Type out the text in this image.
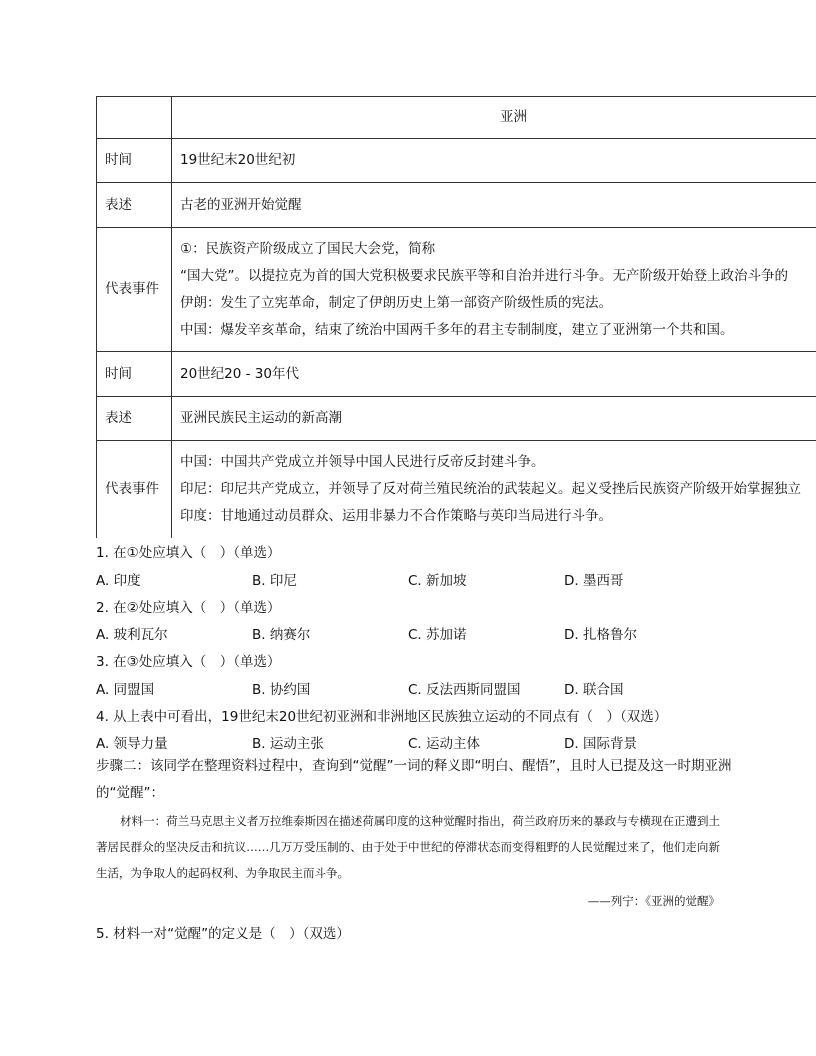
	亚洲
时间	19世纪末20世纪初
表述	古老的亚洲开始觉醒
代表事件	①：民族资产阶级成立了国民大会党，简称
“国大党”。以提拉克为首的国大党积极要求民族平等和自治并进行斗争。无产阶级开始登上政治斗争的
伊朗：发生了立宪革命，制定了伊朗历史上第一部资产阶级性质的宪法。
中国：爆发辛亥革命，结束了统治中国两千多年的君主专制制度，建立了亚洲第一个共和国。

时间	20世纪20 - 30年代
表述	亚洲民族民主运动的新高潮
代表事件	中国：中国共产党成立并领导中国人民进行反帝反封建斗争。
印尼：印尼共产党成立，并领导了反对荷兰殖民统治的武装起义。起义受挫后民族资产阶级开始掌握独立
印度：甘地通过动员群众、运用非暴力不合作策略与英印当局进行斗争。
1. 在①处应填入（　）（单选）
A. 印度	B. 印尼	C. 新加坡	D. 墨西哥
2. 在②处应填入（　）（单选）
A. 玻利瓦尔	B. 纳赛尔	C. 苏加诺	D. 扎格鲁尔
3. 在③处应填入（　）（单选）
A. 同盟国	B. 协约国	C. 反法西斯同盟国	D. 联合国
4. 从上表中可看出，19世纪末20世纪初亚洲和非洲地区民族独立运动的不同点有（　）（双选）
A. 领导力量	B. 运动主张	C. 运动主体	D. 国际背景
步骤二：该同学在整理资料过程中，查询到“觉醒”一词的释义即“明白、醒悟”，且时人已提及这一时期亚洲的“觉醒”：
材料一：荷兰马克思主义者万拉维泰斯因在描述荷属印度的这种觉醒时指出，荷兰政府历来的暴政与专横现在正遭到土著居民群众的坚决反击和抗议……几万万受压制的、由于处于中世纪的停滞状态而变得粗野的人民觉醒过来了，他们走向新生活，为争取人的起码权利、为争取民主而斗争。
——列宁：《亚洲的觉醒》
5. 材料一对“觉醒”的定义是（　）（双选）
